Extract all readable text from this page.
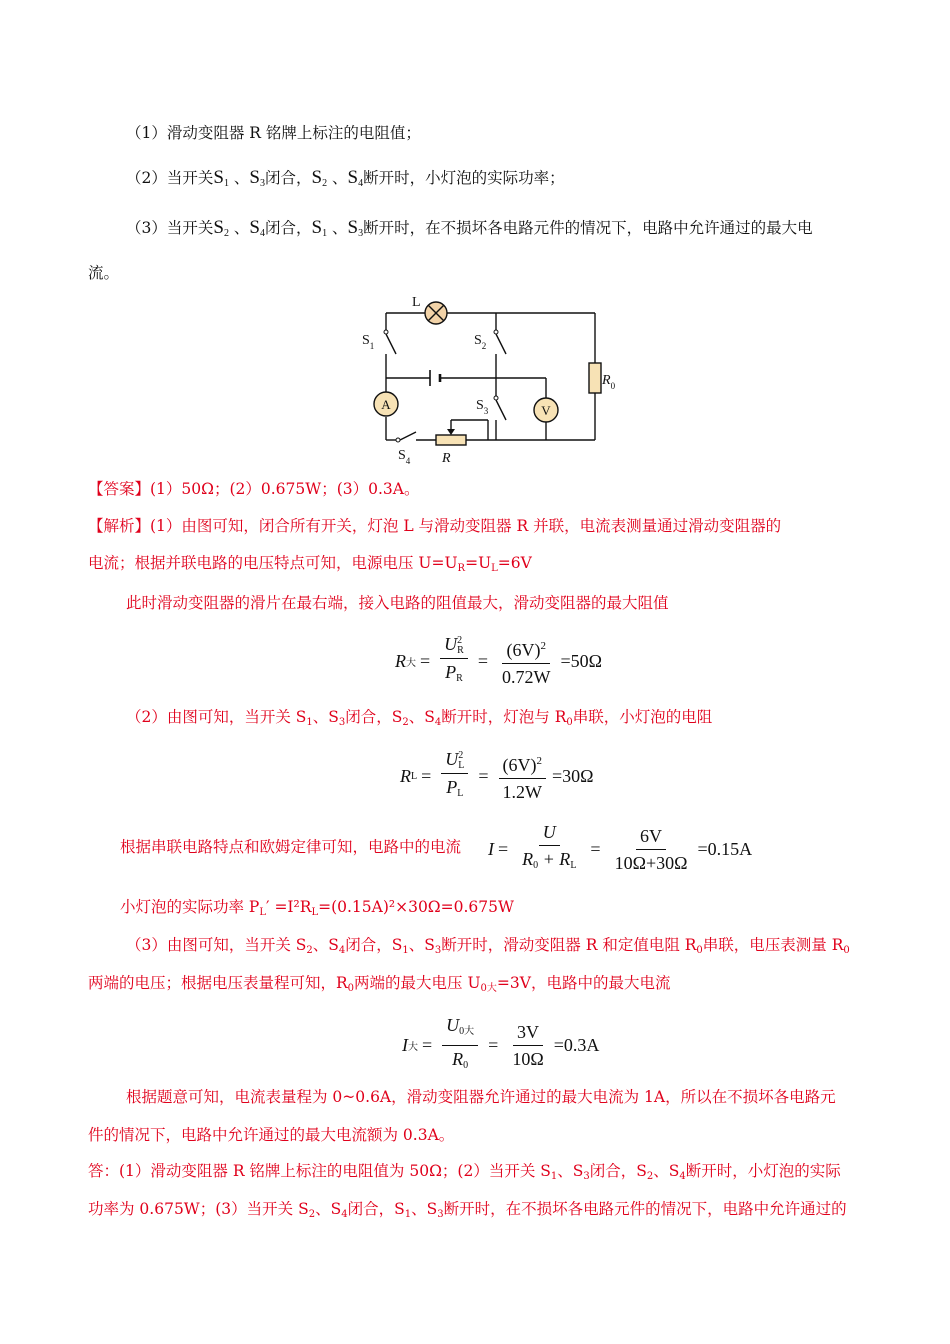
（1）滑动变阻器 R 铭牌上标注的电阻值；
（2）当开关$S_1$ 、$S_3$闭合，$S_2$ 、$S_4$断开时，小灯泡的实际功率；
（3）当开关$S_2$ 、$S_4$闭合，$S_1$ 、$S_3$断开时，在不损坏各电路元件的情况下，电路中允许通过的最大电
流。
A	V
L
$S_1$	$S_2$
$S_3$
$S_4$
$R_0$
R
【答案】(1）50Ω；(2）0.675W；(3）0.3A。
【解析】(1）由图可知，闭合所有开关，灯泡 L 与滑动变阻器 R 并联，电流表测量通过滑动变阻器的
电流；根据并联电路的电压特点可知，电源电压 $U=U_R=U_L=6V$
此时滑动变阻器的滑片在最右端，接入电路的阻值最大，滑动变阻器的最大阻值
R 大 = U 2
R
$P_R = \frac{(6V)^2}{0.72W} =50\Omega$
（2）由图可知，当开关 $S_1$、$S_3$闭合，$S_2$、$S_4$断开时，灯泡与 $R_0$串联，小灯泡的电阻
R L = U 2
L
$P_L = \frac{(6V)^2}{1.2W} =30\Omega$
根据串联电路特点和欧姆定律可知，电路中的电流 $I = \frac{U}{R_0 + R_L} = \frac{6V}{10\Omega+30\Omega} =0.15A$
小灯泡的实际功率 $P_L' =I^2R_L=(0.15A)^2\times 30\Omega=0.675W$
（3）由图可知，当开关 $S_2$、$S_4$闭合，$S_1$、$S_3$断开时，滑动变阻器 R 和定值电阻 $R_0$串联，电压表测量 $R_0$
两端的电压；根据电压表量程可知，$R_0$两端的最大电压 $U_{0大}=3V$，电路中的最大电流
I 大 = $\frac{U_{0大}}{R_0} = \frac{3V}{10\Omega} =0.3A$
根据题意可知，电流表量程为 0~0.6A，滑动变阻器允许通过的最大电流为 1A，所以在不损坏各电路元
件的情况下，电路中允许通过的最大电流额为 0.3A。
答：(1）滑动变阻器 R 铭牌上标注的电阻值为 50Ω；(2）当开关 $S_1$、$S_3$闭合，$S_2$、$S_4$断开时，小灯泡的实际
功率为 0.675W；(3）当开关 $S_2$、$S_4$闭合，$S_1$、$S_3$断开时，在不损坏各电路元件的情况下，电路中允许通过的
